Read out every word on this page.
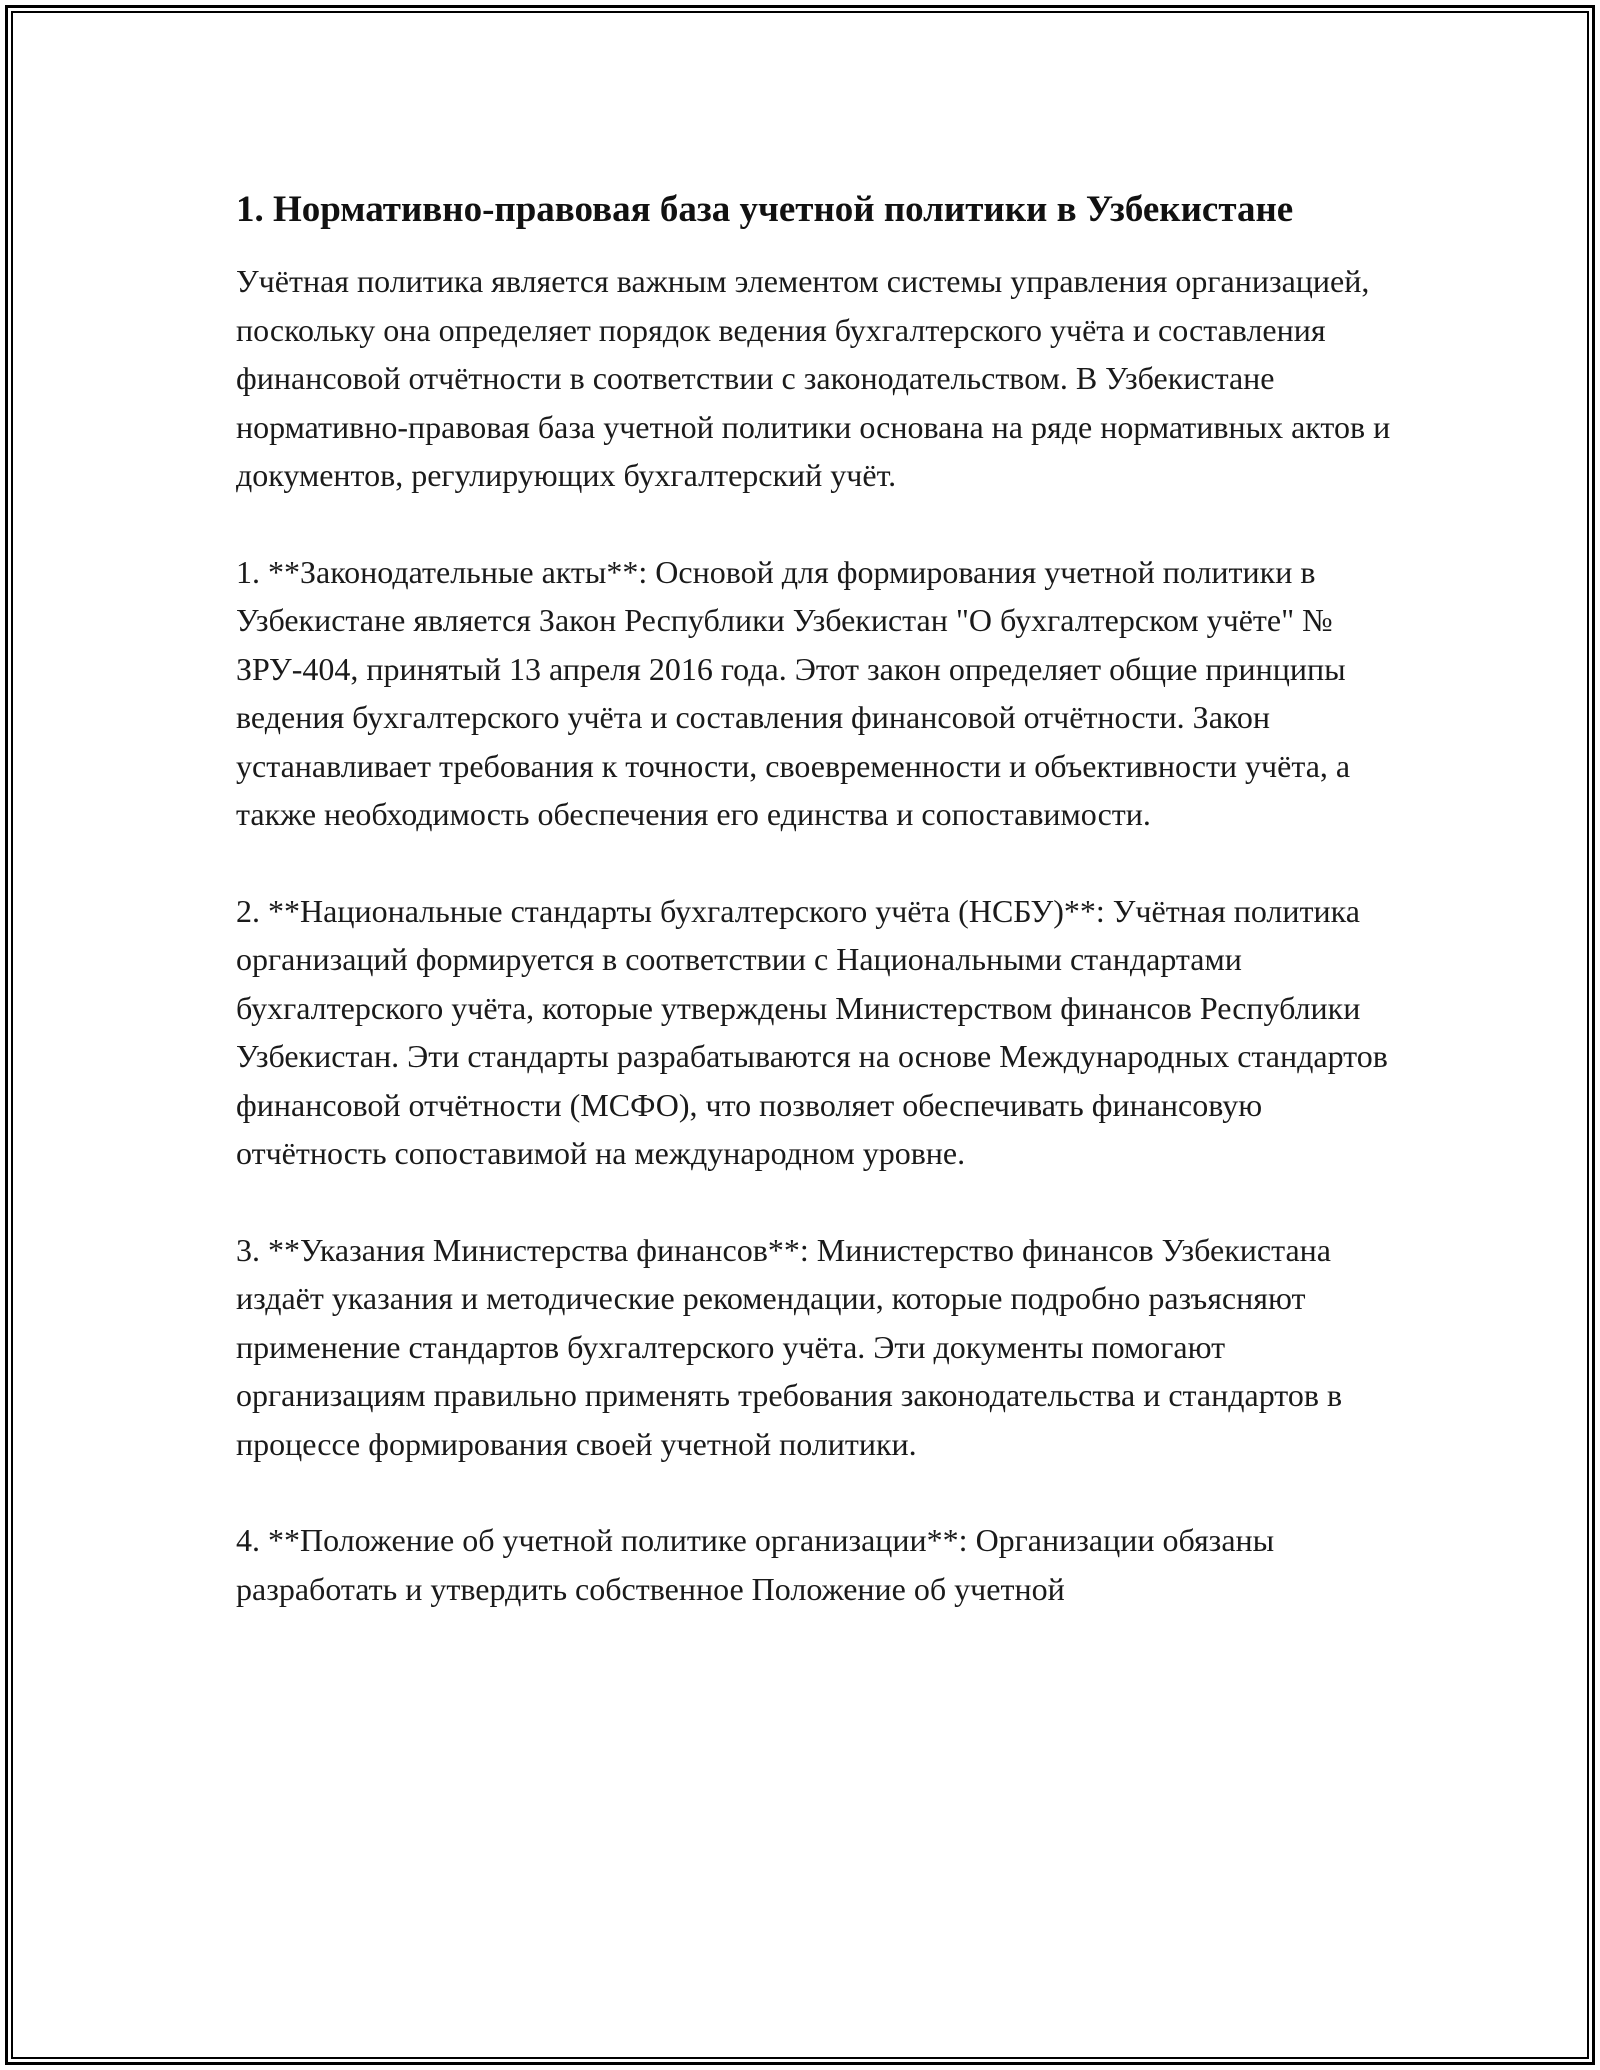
1. Нормативно-правовая база учетной политики в Узбекистане

Учётная политика является важным элементом системы управления организацией, поскольку она определяет порядок ведения бухгалтерского учёта и составления финансовой отчётности в соответствии с законодательством. В Узбекистане нормативно-правовая база учетной политики основана на ряде нормативных актов и документов, регулирующих бухгалтерский учёт.

1. **Законодательные акты**: Основой для формирования учетной политики в Узбекистане является Закон Республики Узбекистан "О бухгалтерском учёте" № ЗРУ-404, принятый 13 апреля 2016 года. Этот закон определяет общие принципы ведения бухгалтерского учёта и составления финансовой отчётности. Закон устанавливает требования к точности, своевременности и объективности учёта, а также необходимость обеспечения его единства и сопоставимости.

2. **Национальные стандарты бухгалтерского учёта (НСБУ)**: Учётная политика организаций формируется в соответствии с Национальными стандартами бухгалтерского учёта, которые утверждены Министерством финансов Республики Узбекистан. Эти стандарты разрабатываются на основе Международных стандартов финансовой отчётности (МСФО), что позволяет обеспечивать финансовую отчётность сопоставимой на международном уровне.

3. **Указания Министерства финансов**: Министерство финансов Узбекистана издаёт указания и методические рекомендации, которые подробно разъясняют применение стандартов бухгалтерского учёта. Эти документы помогают организациям правильно применять требования законодательства и стандартов в процессе формирования своей учетной политики.

4. **Положение об учетной политике организации**: Организации обязаны разработать и утвердить собственное Положение об учетной
